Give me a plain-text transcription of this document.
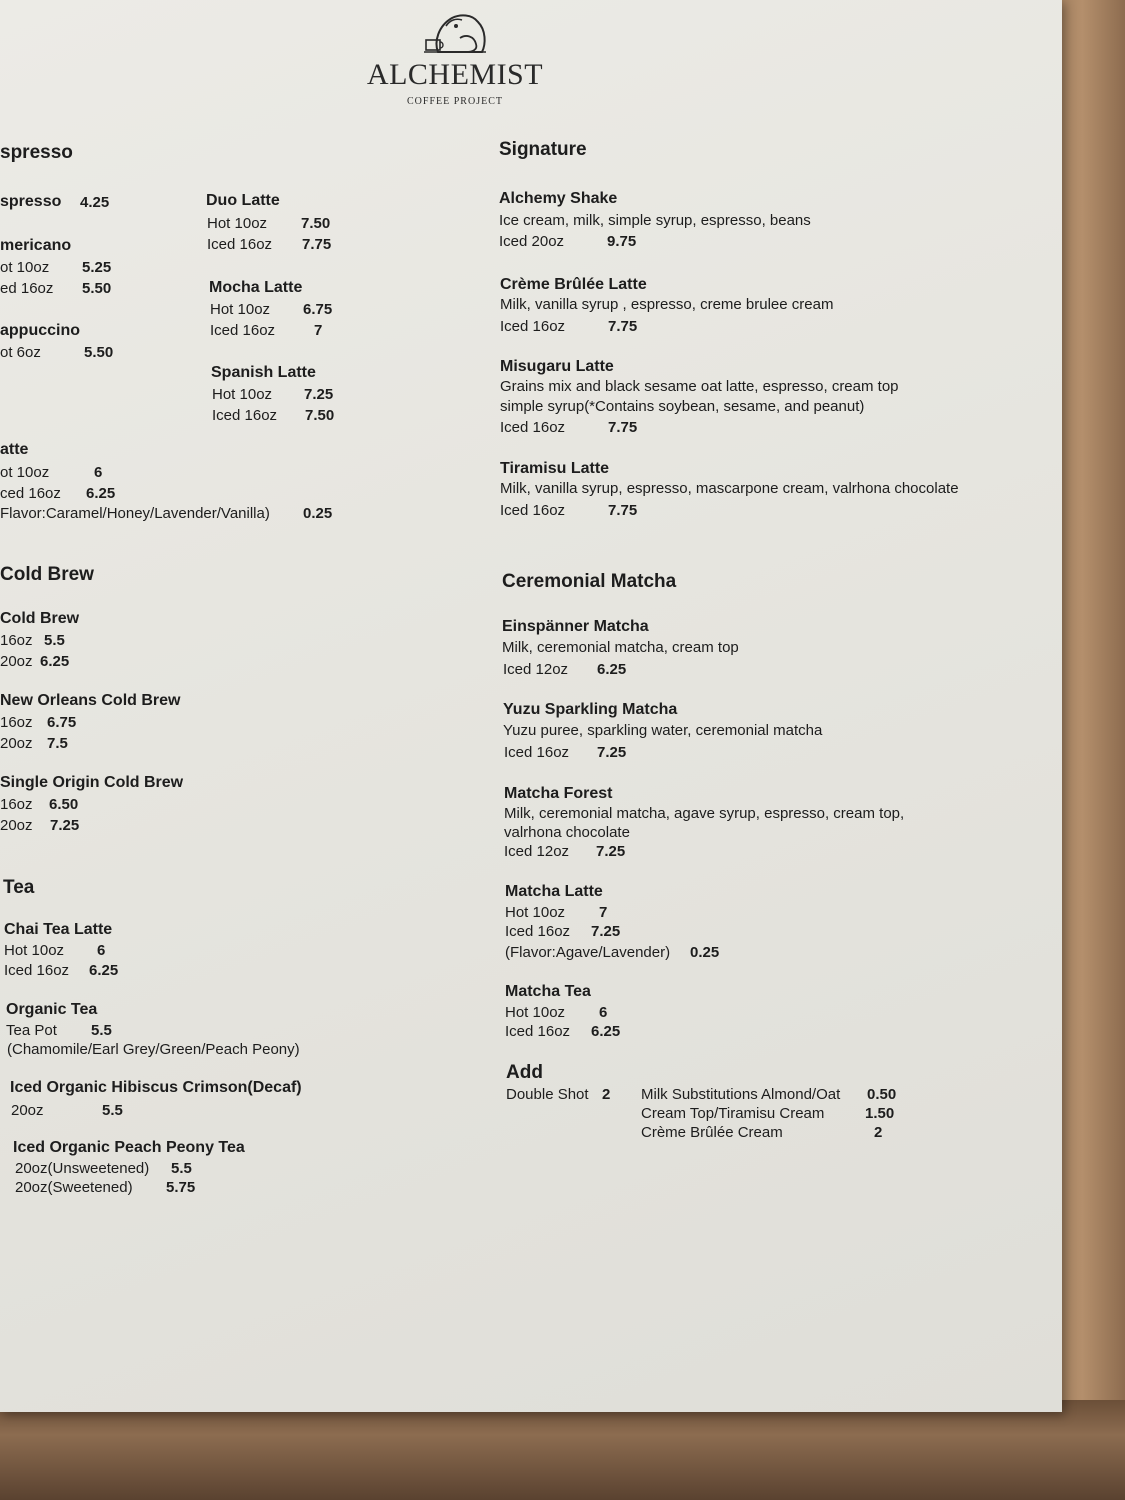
ALCHEMIST
COFFEE PROJECT
spresso
spresso 4.25
mericano
ot 10oz 5.25
ed 16oz 5.50
appuccino
ot 6oz	5.50
atte
ot 10oz	6
ced 16oz 6.25
Flavor:Caramel/Honey/Lavender/Vanilla) 0.25
Duo Latte
Hot 10oz 7.50
Iced 16oz 7.75
Mocha Latte
Hot 10oz 6.75
Iced 16oz	7
Spanish Latte
Hot 10oz 7.25
Iced 16oz 7.50
Cold Brew
Cold Brew
16oz 5.5
20oz 6.25
New Orleans Cold Brew
16oz 6.75
20oz 7.5
Single Origin Cold Brew
16oz 6.50
20oz 7.25
Tea
Chai Tea Latte
Hot 10oz 6
Iced 16oz 6.25
Organic Tea
Tea Pot 5.5
(Chamomile/Earl Grey/Green/Peach Peony)
Iced Organic Hibiscus Crimson(Decaf)
20oz	5.5
Iced Organic Peach Peony Tea
20oz(Unsweetened) 5.5
20oz(Sweetened) 5.75
Signature
Alchemy Shake
Ice cream, milk, simple syrup, espresso, beans
Iced 20oz	9.75
Crème Brûlée Latte
Milk, vanilla syrup , espresso, creme brulee cream
Iced 16oz	7.75
Misugaru Latte
Grains mix and black sesame oat latte, espresso, cream top
simple syrup(*Contains soybean, sesame, and peanut)
Iced 16oz	7.75
Tiramisu Latte
Milk, vanilla syrup, espresso, mascarpone cream, valrhona chocolate
Iced 16oz	7.75
Ceremonial Matcha
Einspänner Matcha
Milk, ceremonial matcha, cream top
Iced 12oz 6.25
Yuzu Sparkling Matcha
Yuzu puree, sparkling water, ceremonial matcha
Iced 16oz 7.25
Matcha Forest
Milk, ceremonial matcha, agave syrup, espresso, cream top,
valrhona chocolate
Iced 12oz 7.25
Matcha Latte
Hot 10oz 7
Iced 16oz 7.25
(Flavor:Agave/Lavender) 0.25
Matcha Tea
Hot 10oz 6
Iced 16oz 6.25
Add
Double Shot 2 Milk Substitutions Almond/Oat 0.50
Cream Top/Tiramisu Cream	1.50
Crème Brûlée Cream	2
